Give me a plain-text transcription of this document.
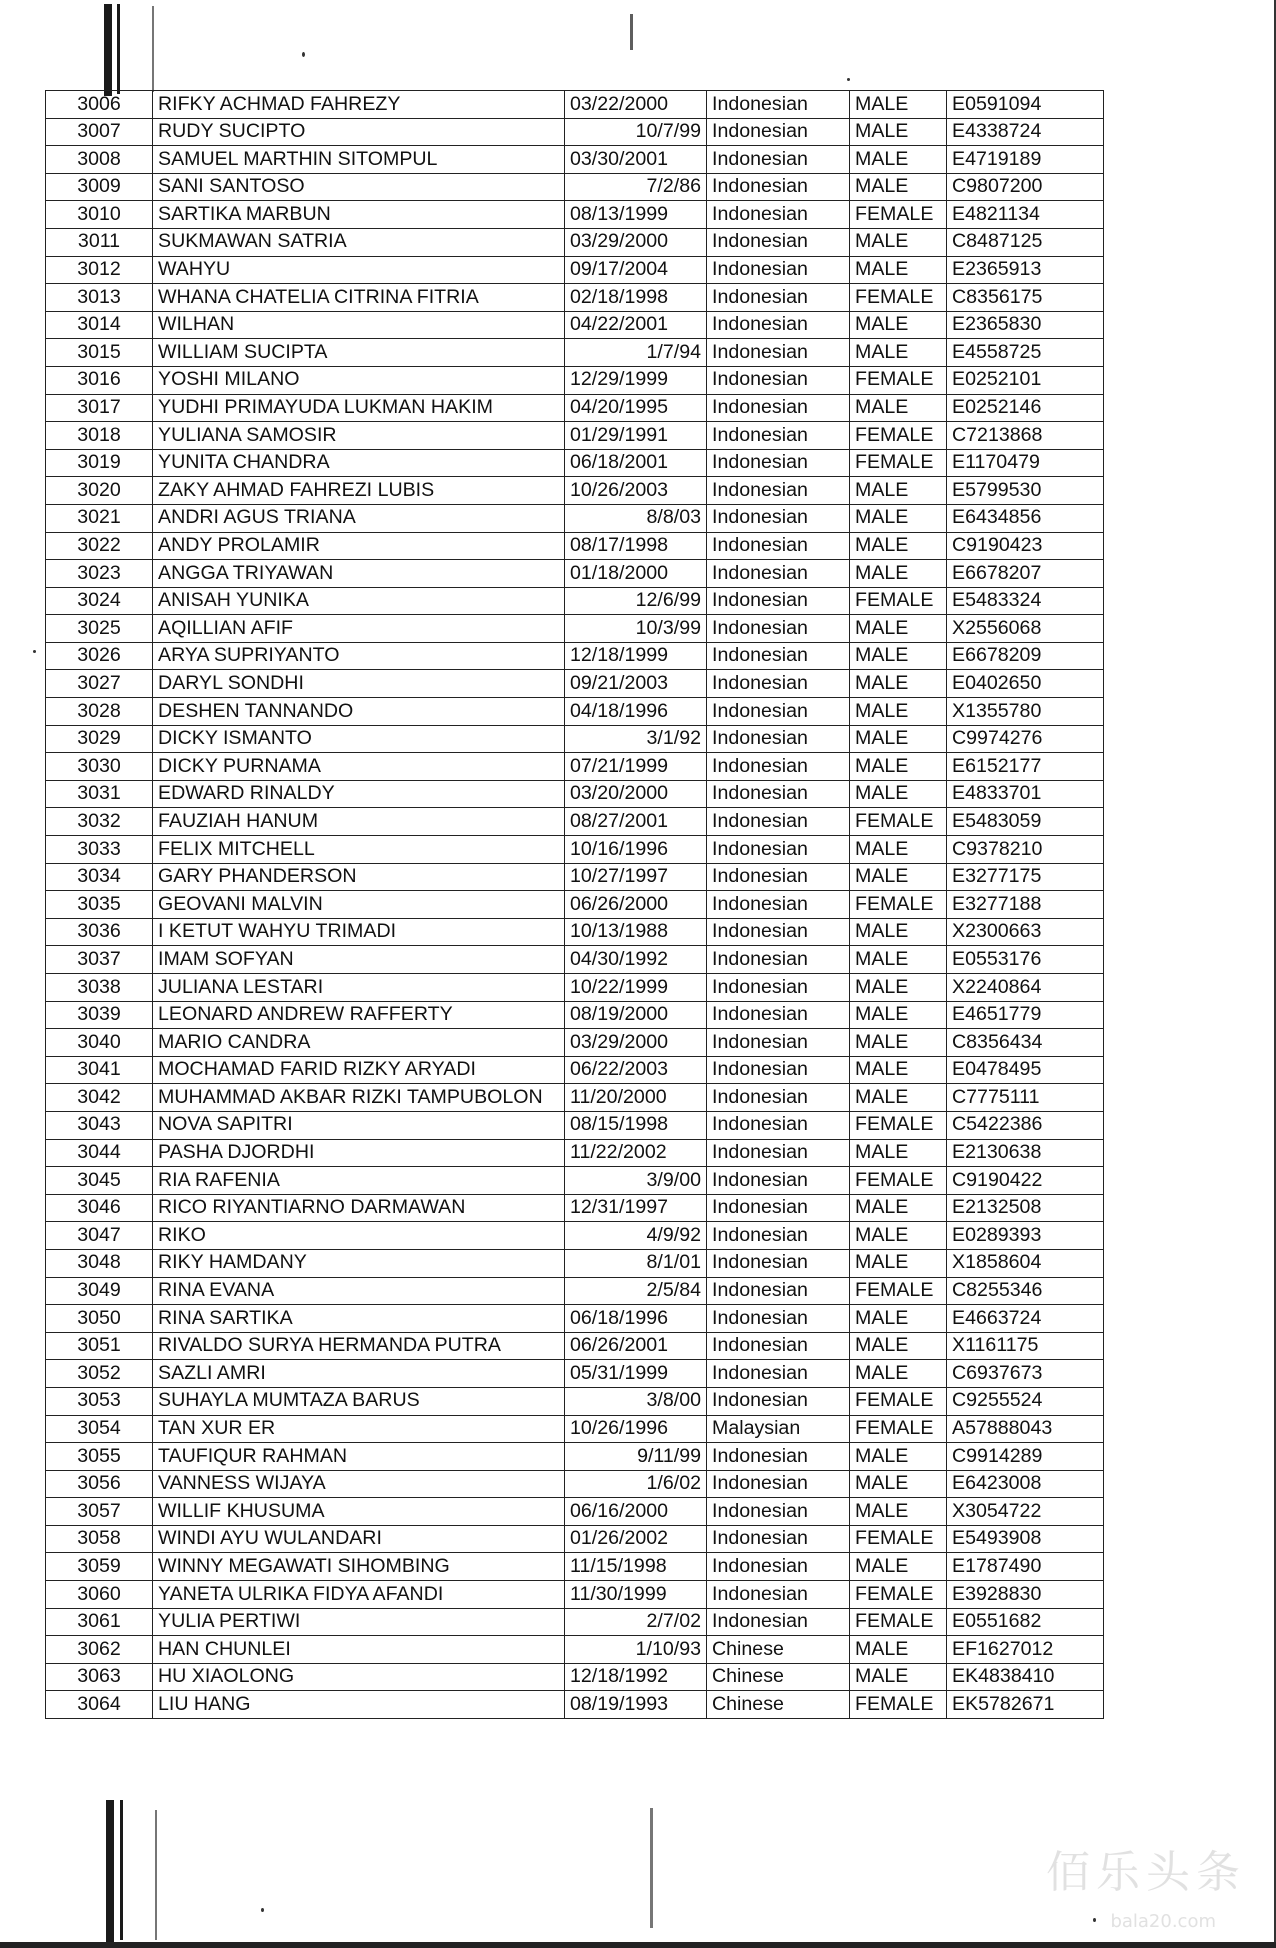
3006	RIFKY ACHMAD FAHREZY	03/22/2000	Indonesian	MALE	E0591094
3007	RUDY SUCIPTO	10/7/99	Indonesian	MALE	E4338724
3008	SAMUEL MARTHIN SITOMPUL	03/30/2001	Indonesian	MALE	E4719189
3009	SANI SANTOSO	7/2/86	Indonesian	MALE	C9807200
3010	SARTIKA MARBUN	08/13/1999	Indonesian	FEMALE	E4821134
3011	SUKMAWAN SATRIA	03/29/2000	Indonesian	MALE	C8487125
3012	WAHYU	09/17/2004	Indonesian	MALE	E2365913
3013	WHANA CHATELIA CITRINA FITRIA	02/18/1998	Indonesian	FEMALE	C8356175
3014	WILHAN	04/22/2001	Indonesian	MALE	E2365830
3015	WILLIAM SUCIPTA	1/7/94	Indonesian	MALE	E4558725
3016	YOSHI MILANO	12/29/1999	Indonesian	FEMALE	E0252101
3017	YUDHI PRIMAYUDA LUKMAN HAKIM	04/20/1995	Indonesian	MALE	E0252146
3018	YULIANA SAMOSIR	01/29/1991	Indonesian	FEMALE	C7213868
3019	YUNITA CHANDRA	06/18/2001	Indonesian	FEMALE	E1170479
3020	ZAKY AHMAD FAHREZI LUBIS	10/26/2003	Indonesian	MALE	E5799530
3021	ANDRI AGUS TRIANA	8/8/03	Indonesian	MALE	E6434856
3022	ANDY PROLAMIR	08/17/1998	Indonesian	MALE	C9190423
3023	ANGGA TRIYAWAN	01/18/2000	Indonesian	MALE	E6678207
3024	ANISAH YUNIKA	12/6/99	Indonesian	FEMALE	E5483324
3025	AQILLIAN AFIF	10/3/99	Indonesian	MALE	X2556068
3026	ARYA SUPRIYANTO	12/18/1999	Indonesian	MALE	E6678209
3027	DARYL SONDHI	09/21/2003	Indonesian	MALE	E0402650
3028	DESHEN TANNANDO	04/18/1996	Indonesian	MALE	X1355780
3029	DICKY ISMANTO	3/1/92	Indonesian	MALE	C9974276
3030	DICKY PURNAMA	07/21/1999	Indonesian	MALE	E6152177
3031	EDWARD RINALDY	03/20/2000	Indonesian	MALE	E4833701
3032	FAUZIAH HANUM	08/27/2001	Indonesian	FEMALE	E5483059
3033	FELIX MITCHELL	10/16/1996	Indonesian	MALE	C9378210
3034	GARY PHANDERSON	10/27/1997	Indonesian	MALE	E3277175
3035	GEOVANI MALVIN	06/26/2000	Indonesian	FEMALE	E3277188
3036	I KETUT WAHYU TRIMADI	10/13/1988	Indonesian	MALE	X2300663
3037	IMAM SOFYAN	04/30/1992	Indonesian	MALE	E0553176
3038	JULIANA LESTARI	10/22/1999	Indonesian	MALE	X2240864
3039	LEONARD ANDREW RAFFERTY	08/19/2000	Indonesian	MALE	E4651779
3040	MARIO CANDRA	03/29/2000	Indonesian	MALE	C8356434
3041	MOCHAMAD FARID RIZKY ARYADI	06/22/2003	Indonesian	MALE	E0478495
3042	MUHAMMAD AKBAR RIZKI TAMPUBOLON	11/20/2000	Indonesian	MALE	C7775111
3043	NOVA SAPITRI	08/15/1998	Indonesian	FEMALE	C5422386
3044	PASHA DJORDHI	11/22/2002	Indonesian	MALE	E2130638
3045	RIA RAFENIA	3/9/00	Indonesian	FEMALE	C9190422
3046	RICO RIYANTIARNO DARMAWAN	12/31/1997	Indonesian	MALE	E2132508
3047	RIKO	4/9/92	Indonesian	MALE	E0289393
3048	RIKY HAMDANY	8/1/01	Indonesian	MALE	X1858604
3049	RINA EVANA	2/5/84	Indonesian	FEMALE	C8255346
3050	RINA SARTIKA	06/18/1996	Indonesian	MALE	E4663724
3051	RIVALDO SURYA HERMANDA PUTRA	06/26/2001	Indonesian	MALE	X1161175
3052	SAZLI AMRI	05/31/1999	Indonesian	MALE	C6937673
3053	SUHAYLA MUMTAZA BARUS	3/8/00	Indonesian	FEMALE	C9255524
3054	TAN XUR ER	10/26/1996	Malaysian	FEMALE	A57888043
3055	TAUFIQUR RAHMAN	9/11/99	Indonesian	MALE	C9914289
3056	VANNESS WIJAYA	1/6/02	Indonesian	MALE	E6423008
3057	WILLIF KHUSUMA	06/16/2000	Indonesian	MALE	X3054722
3058	WINDI AYU WULANDARI	01/26/2002	Indonesian	FEMALE	E5493908
3059	WINNY MEGAWATI SIHOMBING	11/15/1998	Indonesian	MALE	E1787490
3060	YANETA ULRIKA FIDYA AFANDI	11/30/1999	Indonesian	FEMALE	E3928830
3061	YULIA PERTIWI	2/7/02	Indonesian	FEMALE	E0551682
3062	HAN CHUNLEI	1/10/93	Chinese	MALE	EF1627012
3063	HU XIAOLONG	12/18/1992	Chinese	MALE	EK4838410
3064	LIU HANG	08/19/1993	Chinese	FEMALE	EK5782671
佰乐头条
bala20.com
